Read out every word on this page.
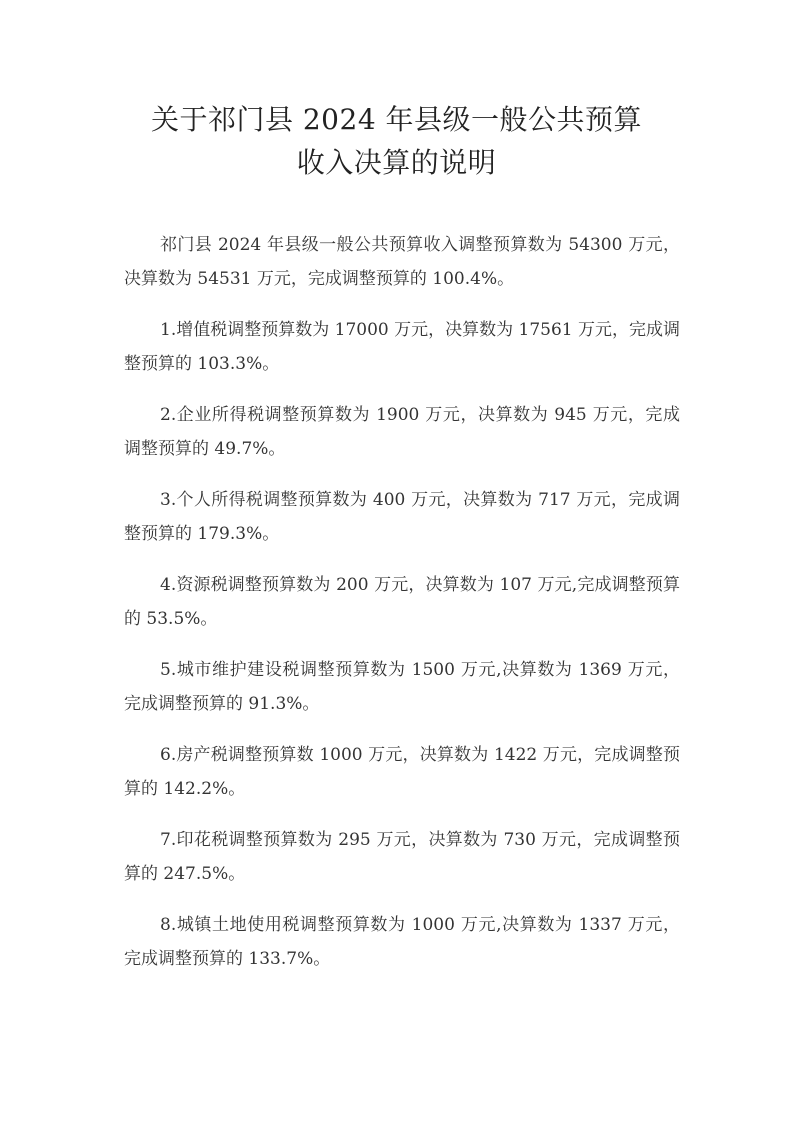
关于祁门县 2024 年县级一般公共预算
收入决算的说明

祁门县 2024 年县级一般公共预算收入调整预算数为 54300 万元，决算数为 54531 万元，完成调整预算的 100.4%。

1.增值税调整预算数为 17000 万元，决算数为 17561 万元，完成调整预算的 103.3%。

2.企业所得税调整预算数为 1900 万元，决算数为 945 万元，完成调整预算的 49.7%。

3.个人所得税调整预算数为 400 万元，决算数为 717 万元，完成调整预算的 179.3%。

4.资源税调整预算数为 200 万元，决算数为 107 万元,完成调整预算的 53.5%。

5.城市维护建设税调整预算数为 1500 万元,决算数为 1369 万元，完成调整预算的 91.3%。

6.房产税调整预算数 1000 万元，决算数为 1422 万元，完成调整预算的 142.2%。

7.印花税调整预算数为 295 万元，决算数为 730 万元，完成调整预算的 247.5%。

8.城镇土地使用税调整预算数为 1000 万元,决算数为 1337 万元，完成调整预算的 133.7%。
